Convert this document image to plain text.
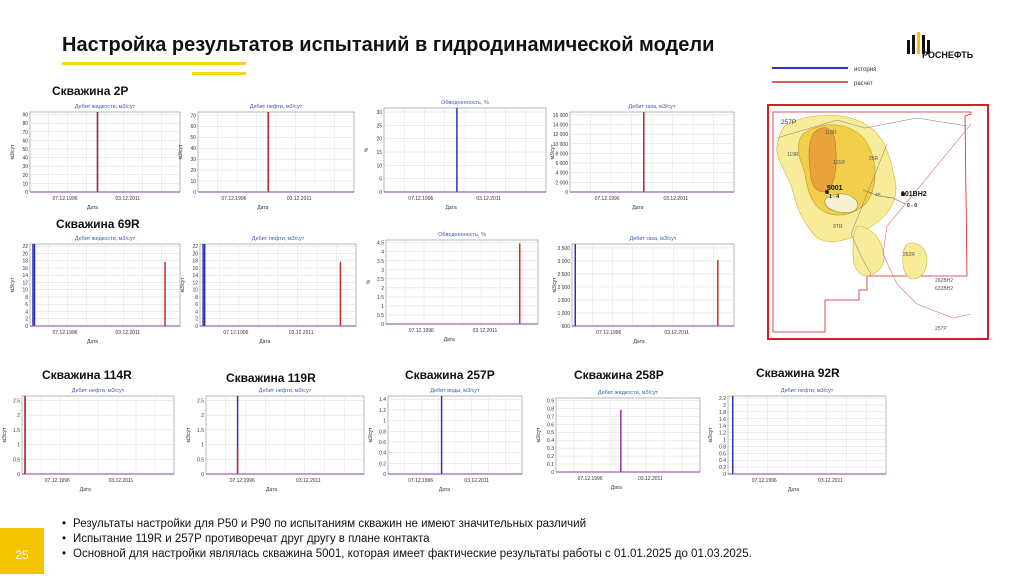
Настройка результатов испытаний в гидродинамической модели	РОСНЕФТЬ
история
расчет
257P
119R
118R
101R
5001
1 - 4	101ВН2
0 - 0
25R
9TR
262R
262ВН2
633ВН2
257P
4R
Скважина 2Р
Скважина 69R
Скважина 114R	Скважина 119R	Скважина 257Р	Скважина 258Р	Скважина 92R
Дебит жидкости, м3/сут
0
10
20
30
40
50
60
70
80
90
07.12.1996	03.12.2011
Дата
м3/сут
Дебит нефти, м3/сут
0
10
20
30
40
50
60
70
07.12.1996	03.12.2011
Дата
м3/сут
Обводненность, %
0
5
10
15
20
25
30
07.12.1996	03.12.2011
Дата
%
Дебит газа, м3/сут
0
2 000
4 000
6 000
8 000
10 000
12 000
14 000
16 000
07.12.1996	03.12.2011
Дата
м3/сут
Дебит жидкости, м3/сут
0
2
4
6
8
10
12
14
16
18
20
22
07.12.1996	03.12.2011
Дата
м3/сут
Дебит нефти, м3/сут
0
2
4
6
8
10
12
14
16
18
20
22
07.12.1996	03.12.2011
Дата
м3/сут
Обводненность, %
0
0.5
1
1.5
2
2.5
3
3.5
4
4.5
07.12.1996	03.12.2011
Дата
%
Дебит газа, м3/сут
600
1 000
1 500
2 000
2 500
3 000
3 500
07.12.1996	03.12.2011
Дата
м3/сут
Дебит нефти, м3/сут
0
0.5
1
1.5
2
2.5
07.12.1996	03.12.2011
Дата
м3/сут
Дебит нефти, м3/сут
0
0.5
1
1.5
2
2.5
07.12.1996	03.12.2011
Дата
м3/сут
Дебит воды, м3/сут
0
0.2
0.4
0.6
0.8
1
1.2
1.4
07.12.1996	03.12.2011
Дата
м3/сут
Дебит жидкости, м3/сут
0
0.1
0.2
0.3
0.4
0.5
0.6
0.7
0.8
0.9
07.12.1996	03.12.2011
Дата
м3/сут
Дебит нефти, м3/сут
0
0.2
0.4
0.6
0.8
1
1.2
1.4
1.6
1.8
2
2.2
07.12.1996	03.12.2011
Дата
м3/сут
• Результаты настройки для Р50 и Р90 по испытаниям скважин не имеют значительных различий
• Испытание 119R и 257Р противоречат друг другу в плане контакта
• Основной для настройки являлась скважина 5001, которая имеет фактические результаты работы с 01.01.2025 до 01.03.2025.
25
